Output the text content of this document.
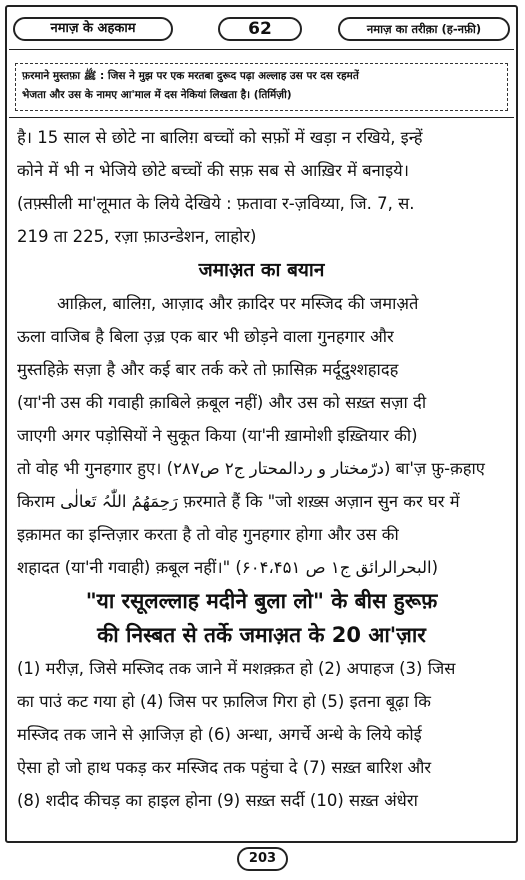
नमाज़ के अहकाम	62	नमाज़ का तरीक़ा (ह-नफ़ी)
फ़रमाने मुस्तफ़ा ﷺ : जिस ने मुझ पर एक मरतबा दुरूद पढ़ा अल्लाह उस पर दस रहमतें
भेजता और उस के नामए आ'माल में दस नेकियां लिखता है। (तिर्मिज़ी)
है। 15 साल से छोटे ना बालिग़ बच्चों को सफ़ों में खड़ा न रखिये, इन्हें
कोने में भी न भेजिये छोटे बच्चों की सफ़ सब से आख़िर में बनाइये।
(तफ़्सीली मा'लूमात के लिये देखिये : फ़तावा र-ज़विय्या, जि. 7, स.
219 ता 225, रज़ा फ़ाउन्डेशन, लाहोर)
जमाअ़त का बयान
आक़िल, बालिग़, आज़ाद और क़ादिर पर मस्जिद की जमाअ़ते
ऊला वाजिब है बिला उ़ज़्र एक बार भी छोड़ने वाला गुनहगार और
मुस्तहिक़े सज़ा है और कई बार तर्क करे तो फ़ासिक़ मर्दूदुश्शहादह
(या'नी उस की गवाही क़ाबिले क़बूल नहीं) और उस को सख़्त सज़ा दी
जाएगी अगर पड़ोसियों ने सुकूत किया (या'नी ख़ामोशी इख़्तियार की)
तो वोह भी गुनहगार हुए। (درّمختار و ردالمحتار ج۲ ص۲۸۷) बा'ज़ फ़ु-क़हाए
किराम رَحِمَهُمُ اللّٰہُ تَعالٰی फ़रमाते हैं कि "जो शख़्स अज़ान सुन कर घर में
इक़ामत का इन्तिज़ार करता है तो वोह गुनहगार होगा और उस की
शहादत (या'नी गवाही) क़बूल नहीं।" (البحرالرائق ج۱ ص ۶۰۴،۴۵۱)
"या रसूलल्लाह मदीने बुला लो" के बीस हुरूफ़
की निस्बत से तर्के जमाअ़त के 20 आ'ज़ार
(1) मरीज़, जिसे मस्जिद तक जाने में मशक़्क़त हो (2) अपाहज (3) जिस
का पाउं कट गया हो (4) जिस पर फ़ालिज गिरा हो (5) इतना बूढ़ा कि
मस्जिद तक जाने से आ़जिज़ हो (6) अन्धा, अगर्चे अन्धे के लिये कोई
ऐसा हो जो हाथ पकड़ कर मस्जिद तक पहुंचा दे (7) सख़्त बारिश और
(8) शदीद कीचड़ का हाइल होना (9) सख़्त सर्दी (10) सख़्त अंधेरा
203
